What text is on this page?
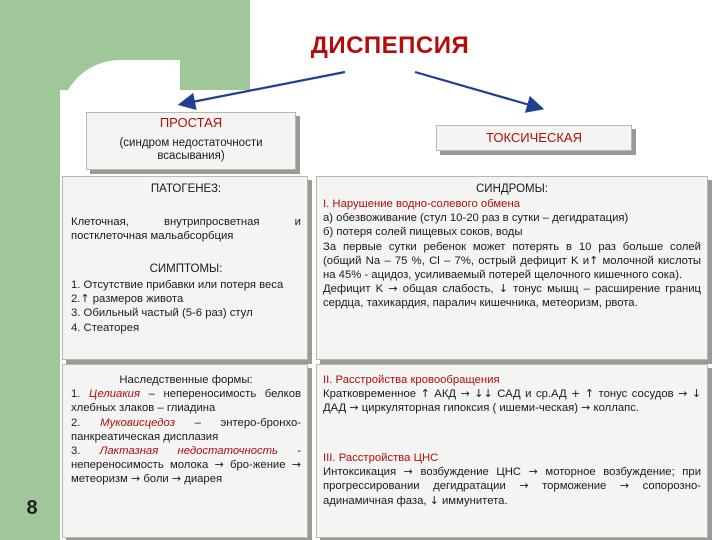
8
ДИСПЕПСИЯ
ПРОСТАЯ
(синдром недостаточности всасывания)
ТОКСИЧЕСКАЯ

ПАТОГЕНЕЗ:

Клеточная, внутрипросветная и постклеточная мальабсорбция

СИМПТОМЫ:

1. Отсутствие прибавки или потеря веса
2.↑ размеров живота
3. Обильный частый (5-6 раз) стул
4. Стеаторея

СИНДРОМЫ:

I. Нарушение водно-солевого обмена
а) обезвоживание (стул 10-20 раз в сутки – дегидратация)
б) потеря солей пищевых соков, воды
За первые сутки ребенок может потерять в 10 раз больше солей (общий Na – 75 %, Cl – 7%, острый дефицит K и↑ молочной кислоты на 45% - ацидоз, усиливаемый потерей щелочного кишечного сока).
Дефицит K → общая слабость, ↓ тонус мышц – расширение границ сердца, тахикардия, паралич кишечника, метеоризм, рвота.
Наследственные формы:
1. Целиакия – непереносимость белков хлебных злаков – глиадина
2. Муковисцедоз – энтеро-бронхо-панкреатическая дисплазия
3. Лактазная недостаточность - непереносимость молока → бро-жение → метеоризм → боли → диарея
II. Расстройства кровообращения
Кратковременное ↑ АКД → ↓↓ САД и ср.АД + ↑ тонус сосудов → ↓ ДАД → циркуляторная гипоксия ( ишеми-ческая) → коллапс.
III. Расстройства ЦНС
Интоксикация → возбуждение ЦНС → моторное возбуждение; при прогрессировании дегидратации → торможение → сопорозно-адинамичная фаза, ↓ иммунитета.
